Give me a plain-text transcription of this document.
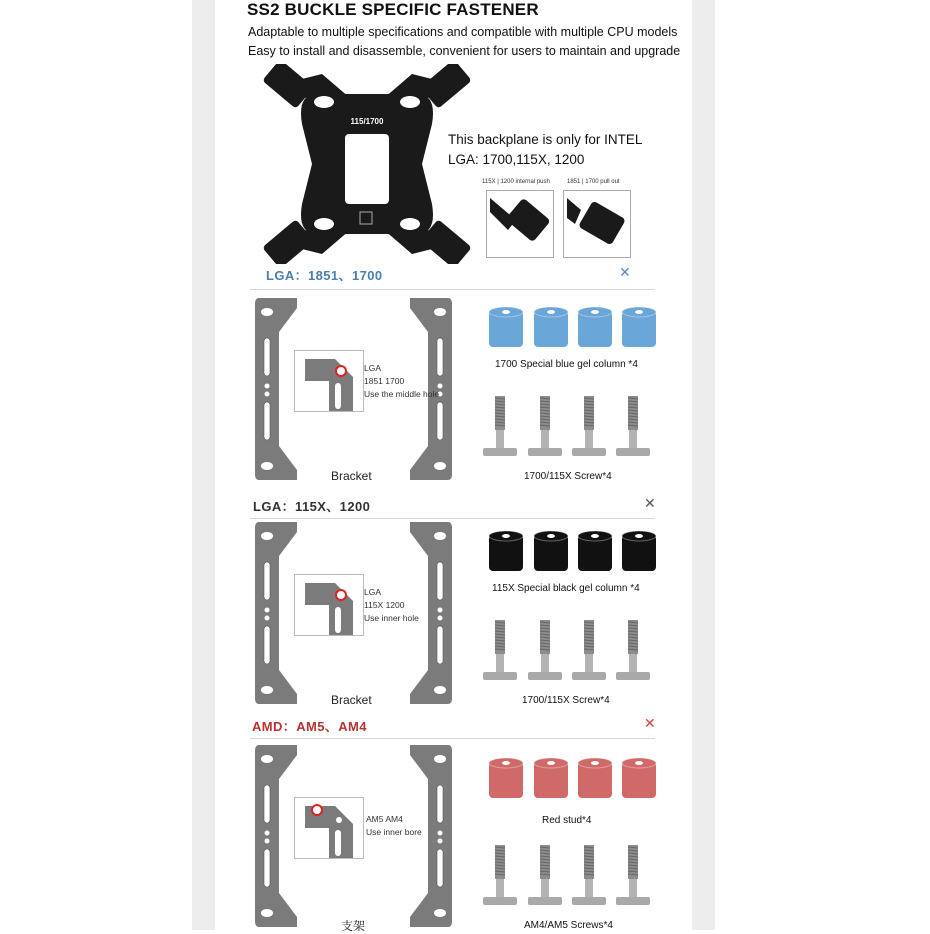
SS2 BUCKLE SPECIFIC FASTENER
Adaptable to multiple specifications and compatible with multiple CPU models
Easy to install and disassemble, convenient for users to maintain and upgrade
115/1700
This backplane is only for INTEL
LGA: 1700,115X, 1200
115X | 1200 internal push	1851 | 1700 pull out
LGA：1851、1700	✕
LGA：115X、1200	✕
AMD：AM5、AM4	✕
LGA
1851 1700
Use the middle hole
Bracket
1700 Special blue gel column *4
1700/115X Screw*4
LGA
115X 1200
Use inner hole
Bracket
115X Special black gel column *4
1700/115X Screw*4
AM5 AM4
Use inner bore
支架
Red stud*4
AM4/AM5 Screws*4
